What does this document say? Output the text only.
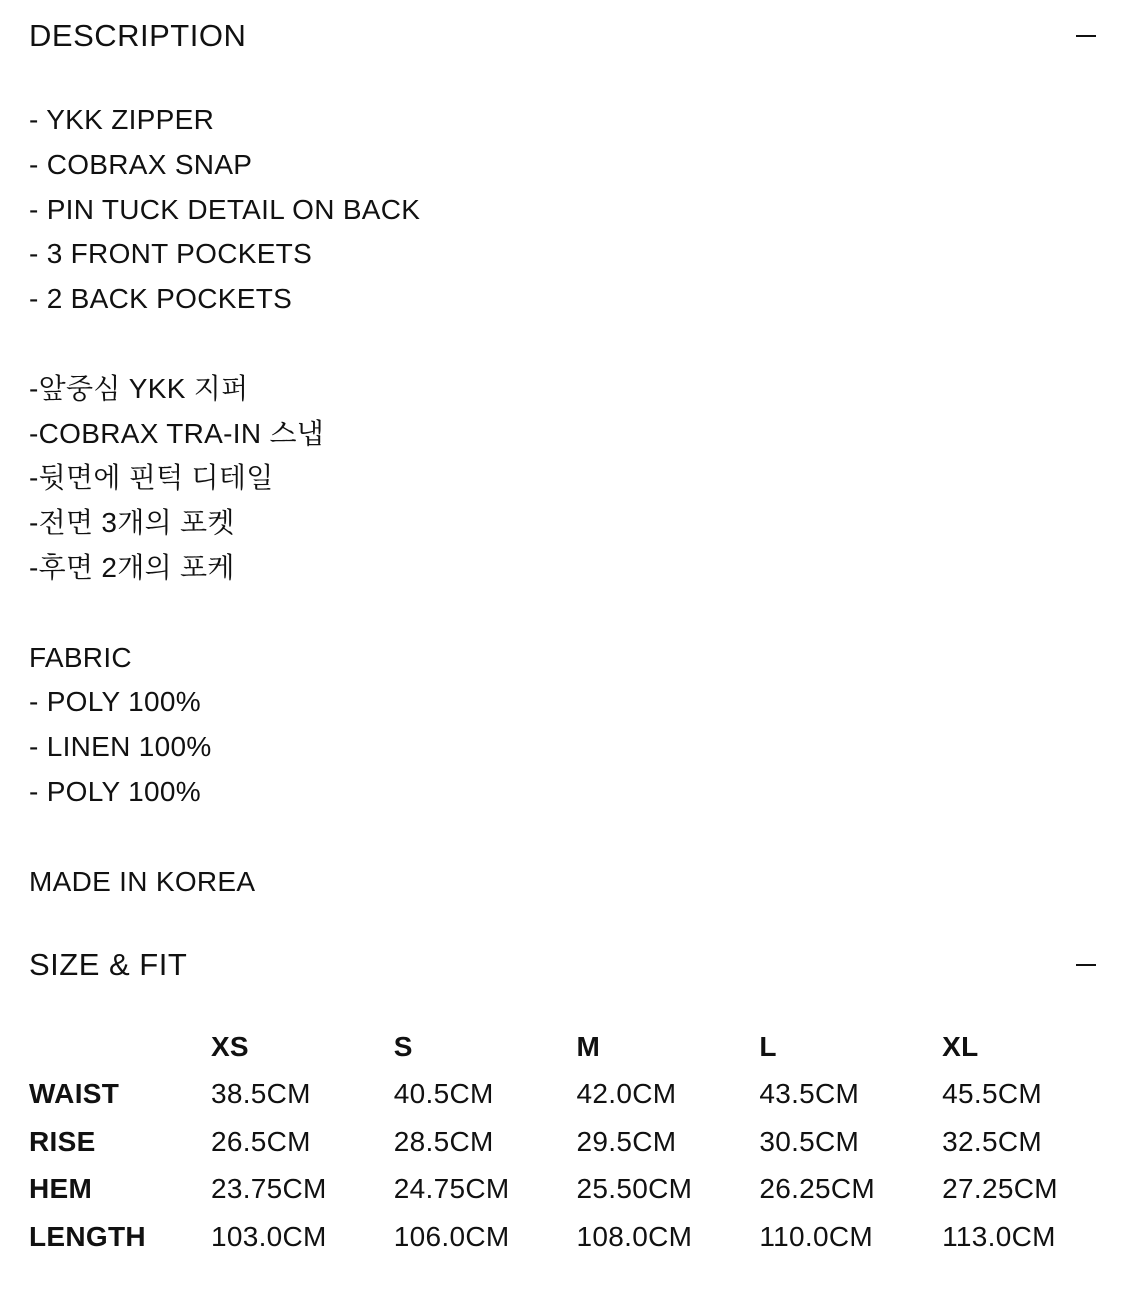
DESCRIPTION
- YKK ZIPPER
- COBRAX SNAP
- PIN TUCK DETAIL ON BACK
- 3 FRONT POCKETS
- 2 BACK POCKETS
-앞중심 YKK 지퍼
-COBRAX TRA-IN 스냅
-뒷면에 핀턱 디테일
-전면 3개의 포켓
-후면 2개의 포케
FABRIC
- POLY 100%
- LINEN 100%
- POLY 100%
MADE IN KOREA
SIZE & FIT
	XS	S	M	L	XL
WAIST	38.5CM	40.5CM	42.0CM	43.5CM	45.5CM
RISE	26.5CM	28.5CM	29.5CM	30.5CM	32.5CM
HEM	23.75CM	24.75CM	25.50CM	26.25CM	27.25CM
LENGTH	103.0CM	106.0CM	108.0CM	110.0CM	113.0CM
